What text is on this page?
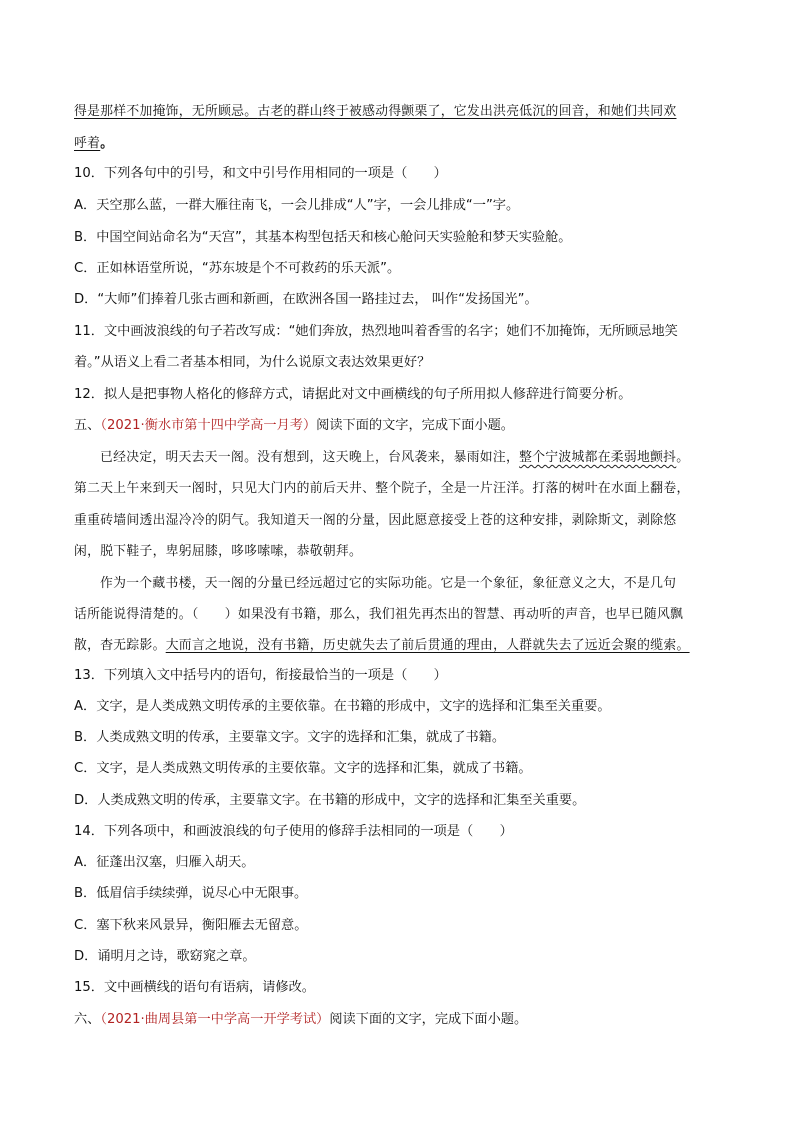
得是那样不加掩饰，无所顾忌。古老的群山终于被感动得颤栗了，它发出洪亮低沉的回音，和她们共同欢
呼着。
10．下列各句中的引号，和文中引号作用相同的一项是（　　）
A．天空那么蓝，一群大雁往南飞，一会儿排成“人”字，一会儿排成“一”字。
B．中国空间站命名为“天宫”，其基本构型包括天和核心舱问天实验舱和梦天实验舱。
C．正如林语堂所说，“苏东坡是个不可救药的乐天派”。
D．“大师”们捧着几张古画和新画，在欧洲各国一路挂过去， 叫作“发扬国光”。
11．文中画波浪线的句子若改写成：“她们奔放，热烈地叫着香雪的名字；她们不加掩饰，无所顾忌地笑
着。”从语义上看二者基本相同，为什么说原文表达效果更好？
12．拟人是把事物人格化的修辞方式，请据此对文中画横线的句子所用拟人修辞进行简要分析。
五、（2021·衡水市第十四中学高一月考）阅读下面的文字，完成下面小题。
已经决定，明天去天一阁。没有想到，这天晚上，台风袭来，暴雨如注，整个宁波城都在柔弱地颤抖。
第二天上午来到天一阁时，只见大门内的前后天井、整个院子，全是一片汪洋。打落的树叶在水面上翻卷，
重重砖墙间透出湿冷冷的阴气。我知道天一阁的分量，因此愿意接受上苍的这种安排，剥除斯文，剥除悠
闲，脱下鞋子，卑躬屈膝，哆哆嗦嗦，恭敬朝拜。
作为一个藏书楼，天一阁的分量已经远超过它的实际功能。它是一个象征，象征意义之大，不是几句
话所能说得清楚的。（　　）如果没有书籍，那么，我们祖先再杰出的智慧、再动听的声音，也早已随风飘
散，杳无踪影。大而言之地说，没有书籍，历史就失去了前后贯通的理由，人群就失去了远近会聚的缆索。
13．下列填入文中括号内的语句，衔接最恰当的一项是（　　）
A．文字，是人类成熟文明传承的主要依靠。在书籍的形成中，文字的选择和汇集至关重要。
B．人类成熟文明的传承，主要靠文字。文字的选择和汇集，就成了书籍。
C．文字，是人类成熟文明传承的主要依靠。文字的选择和汇集，就成了书籍。
D．人类成熟文明的传承，主要靠文字。在书籍的形成中，文字的选择和汇集至关重要。
14．下列各项中，和画波浪线的句子使用的修辞手法相同的一项是（　　）
A．征蓬出汉塞，归雁入胡天。
B．低眉信手续续弹，说尽心中无限事。
C．塞下秋来风景异，衡阳雁去无留意。
D．诵明月之诗，歌窈窕之章。
15．文中画横线的语句有语病，请修改。
六、（2021·曲周县第一中学高一开学考试）阅读下面的文字，完成下面小题。
